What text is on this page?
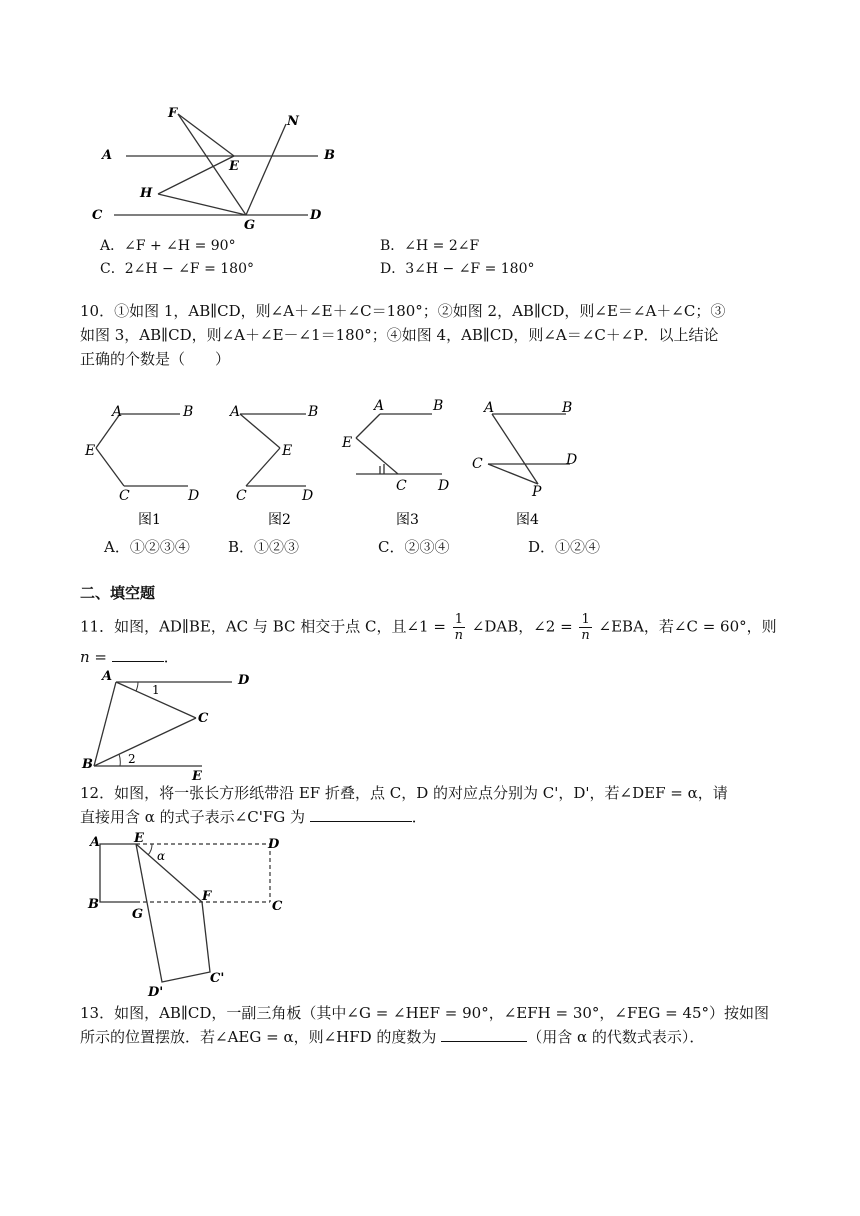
F
N
A	B
E
H
C
G
D
A．∠F + ∠H = 90°	B．∠H = 2∠F
C．2∠H − ∠F = 180°	D．3∠H − ∠F = 180°
10．①如图 1，AB∥CD，则∠A＋∠E＋∠C＝180°；②如图 2，AB∥CD，则∠E＝∠A＋∠C；③
如图 3，AB∥CD，则∠A＋∠E－∠1＝180°；④如图 4，AB∥CD，则∠A＝∠C＋∠P．以上结论
正确的个数是（　　）
A	B
E
C	D
A	B
E
C	D
A	B
E
C D
A	B
C	D
P
图1	图2	图3	图4
A．①②③④	B．①②③	C．②③④	D．①②④
二、填空题
11．如图，AD∥BE，AC 与 BC 相交于点 C，且∠1 = $\frac{1}{n}$ ∠DAB，∠2 = $\frac{1}{n}$ ∠EBA，若∠C = 60°，则
n =	．
A	D
1
C
2
B
E
12．如图，将一张长方形纸带沿 EF 折叠，点 C，D 的对应点分别为 C'，D'，若∠DEF = α，请
直接用含 α 的式子表示∠C'FG 为	．
A	E
α
D
B
G
F
C
D'
C'
13．如图，AB∥CD，一副三角板（其中∠G = ∠HEF = 90°，∠EFH = 30°，∠FEG = 45°）按如图
所示的位置摆放．若∠AEG = α，则∠HFD 的度数为	（用含 α 的代数式表示）．
